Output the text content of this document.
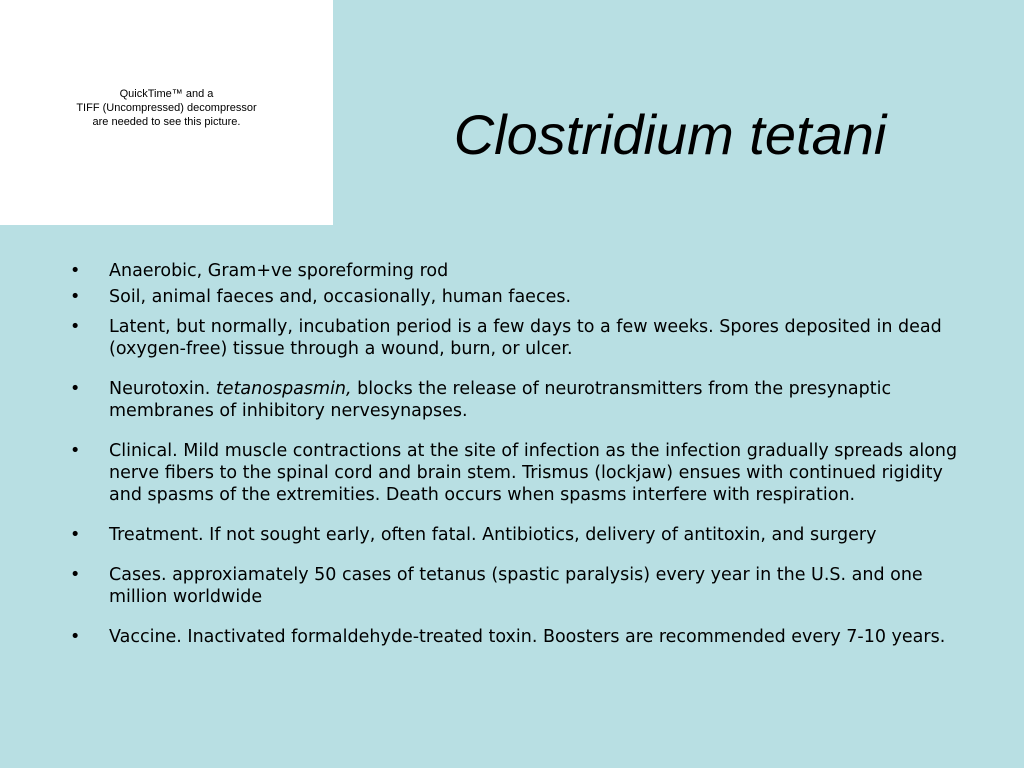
QuickTime™ and a
TIFF (Uncompressed) decompressor
are needed to see this picture.	Clostridium tetani
• Anaerobic, Gram+ve sporeforming rod
• Soil, animal faeces and, occasionally, human faeces.
• Latent, but normally, incubation period is a few days to a few weeks. Spores deposited in dead (oxygen-free) tissue through a wound, burn, or ulcer.
• Neurotoxin. tetanospasmin, blocks the release of neurotransmitters from the presynaptic membranes of inhibitory nervesynapses.
• Clinical. Mild muscle contractions at the site of infection as the infection gradually spreads along nerve fibers to the spinal cord and brain stem. Trismus (lockjaw) ensues with continued rigidity and spasms of the extremities. Death occurs when spasms interfere with respiration.
• Treatment. If not sought early, often fatal. Antibiotics, delivery of antitoxin, and surgery
• Cases. approxiamately 50 cases of tetanus (spastic paralysis) every year in the U.S. and one million worldwide
• Vaccine. Inactivated formaldehyde-treated toxin. Boosters are recommended every 7-10 years.
